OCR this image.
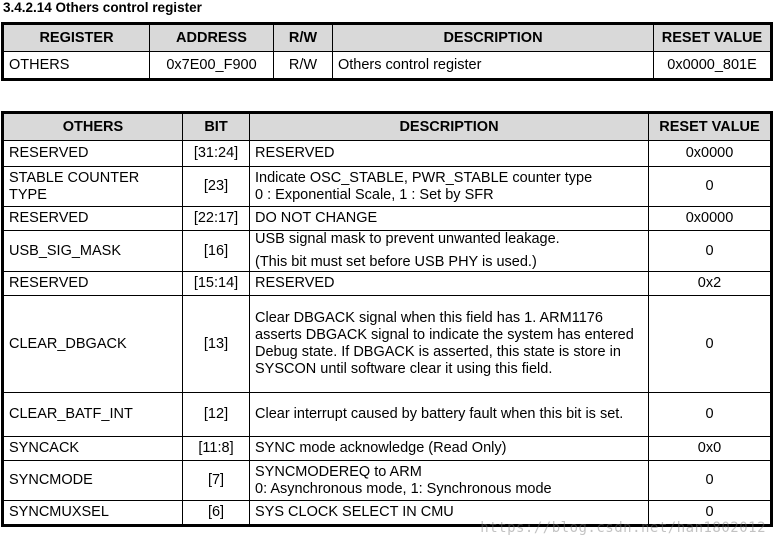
3.4.2.14 Others control register
REGISTER	ADDRESS	R/W	DESCRIPTION	RESET VALUE
OTHERS	0x7E00_F900	R/W	Others control register	0x0000_801E
OTHERS	BIT	DESCRIPTION	RESET VALUE
RESERVED	[31:24]	RESERVED	0x0000
STABLE COUNTER TYPE	[23]	Indicate OSC_STABLE, PWR_STABLE counter type
0 : Exponential Scale, 1 : Set by SFR	0
RESERVED	[22:17]	DO NOT CHANGE	0x0000
USB_SIG_MASK	[16]	USB signal mask to prevent unwanted leakage.
(This bit must set before USB PHY is used.)	0
RESERVED	[15:14]	RESERVED	0x2
CLEAR_DBGACK	[13]	Clear DBGACK signal when this field has 1. ARM1176 asserts DBGACK signal to indicate the system has entered Debug state. If DBGACK is asserted, this state is store in SYSCON until software clear it using this field.	0
CLEAR_BATF_INT	[12]	Clear interrupt caused by battery fault when this bit is set.	0
SYNCACK	[11:8]	SYNC mode acknowledge (Read Only)	0x0
SYNCMODE	[7]	SYNCMODEREQ to ARM
0: Asynchronous mode, 1: Synchronous mode	0
SYNCMUXSEL	[6]	SYS CLOCK SELECT IN CMU	0
https://blog.csdn.net/han1802012
